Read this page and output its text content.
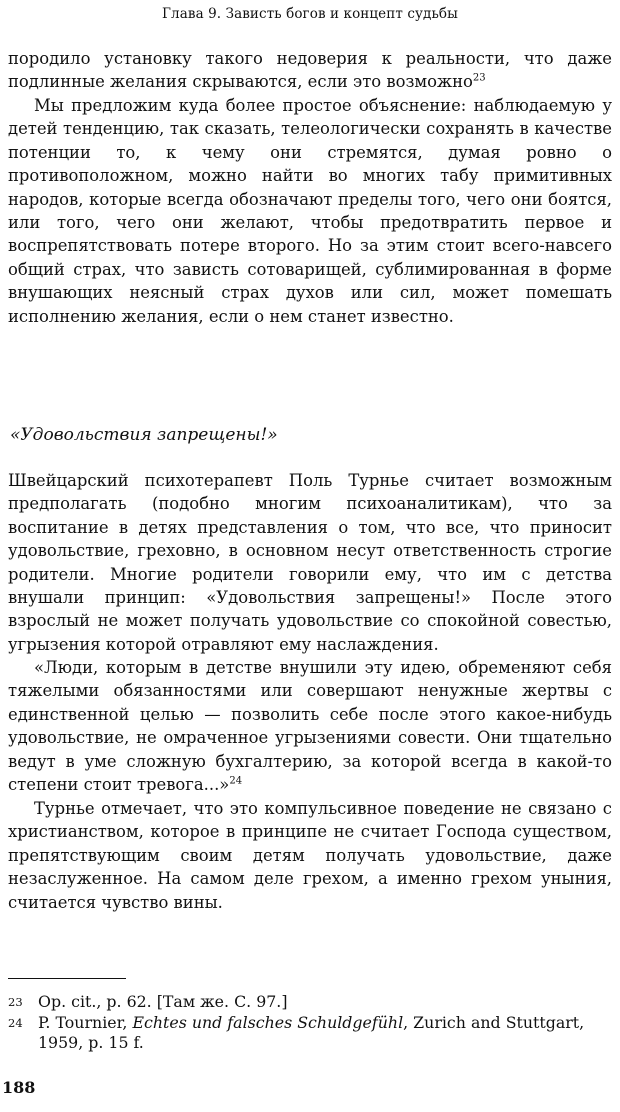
Глава 9. Зависть богов и концепт судьбы

породило установку такого недоверия к реальности, что даже подлинные желания скрываются, если это возможно$^{23}$

Мы предложим куда более простое объяснение: наблюдаемую у детей тенденцию, так сказать, телеологически сохранять в качестве потенции то, к чему они стремятся, думая ровно о противоположном, можно найти во многих табу примитивных народов, которые всегда обозначают пределы того, чего они боятся, или того, чего они желают, чтобы предотвратить первое и воспрепятствовать потере второго. Но за этим стоит всего-навсего общий страх, что зависть сотоварищей, сублимированная в форме внушающих неясный страх духов или сил, может помешать исполнению желания, если о нем станет известно.

«Удовольствия запрещены!»

Швейцарский психотерапевт Поль Турнье считает возможным предполагать (подобно многим психоаналитикам), что за воспитание в детях представления о том, что все, что приносит удовольствие, греховно, в основном несут ответственность строгие родители. Многие родители говорили ему, что им с детства внушали принцип: «Удовольствия запрещены!» После этого взрослый не может получать удовольствие со спокойной совестью, угрызения которой отравляют ему наслаждения.

«Люди, которым в детстве внушили эту идею, обременяют себя тяжелыми обязанностями или совершают ненужные жертвы с единственной целью — позволить себе после этого какое-нибудь удовольствие, не омраченное угрызениями совести. Они тщательно ведут в уме сложную бухгалтерию, за которой всегда в какой-то степени стоит тревога...»$^{24}$

Турнье отмечает, что это компульсивное поведение не связано с христианством, которое в принципе не считает Господа существом, препятствующим своим детям получать удовольствие, даже незаслуженное. На самом деле грехом, а именно грехом уныния, считается чувство вины.

23 Op. cit., p. 62. [Там же. С. 97.]
24 P. Tournier, Echtes und falsches Schuldgefühl, Zurich and Stuttgart, 1959, p. 15 f.
188
